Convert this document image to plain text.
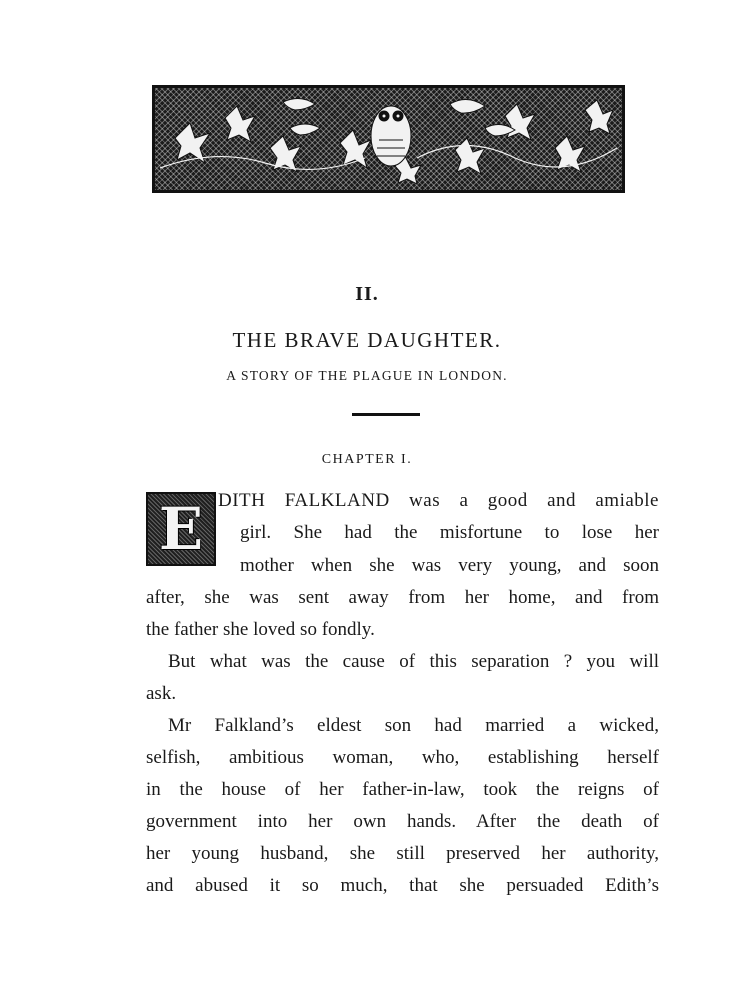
II.
THE BRAVE DAUGHTER.
A STORY OF THE PLAGUE IN LONDON.
CHAPTER I.
E DITH FALKLAND was a good and amiable
girl. She had the misfortune to lose her
mother when she was very young, and soon
after, she was sent away from her home, and from
the father she loved so fondly.
But what was the cause of this separation ? you will
ask.
Mr Falkland’s eldest son had married a wicked,
selfish, ambitious woman, who, establishing herself
in the house of her father-in-law, took the reigns of
government into her own hands. After the death of
her young husband, she still preserved her authority,
and abused it so much, that she persuaded Edith’s
